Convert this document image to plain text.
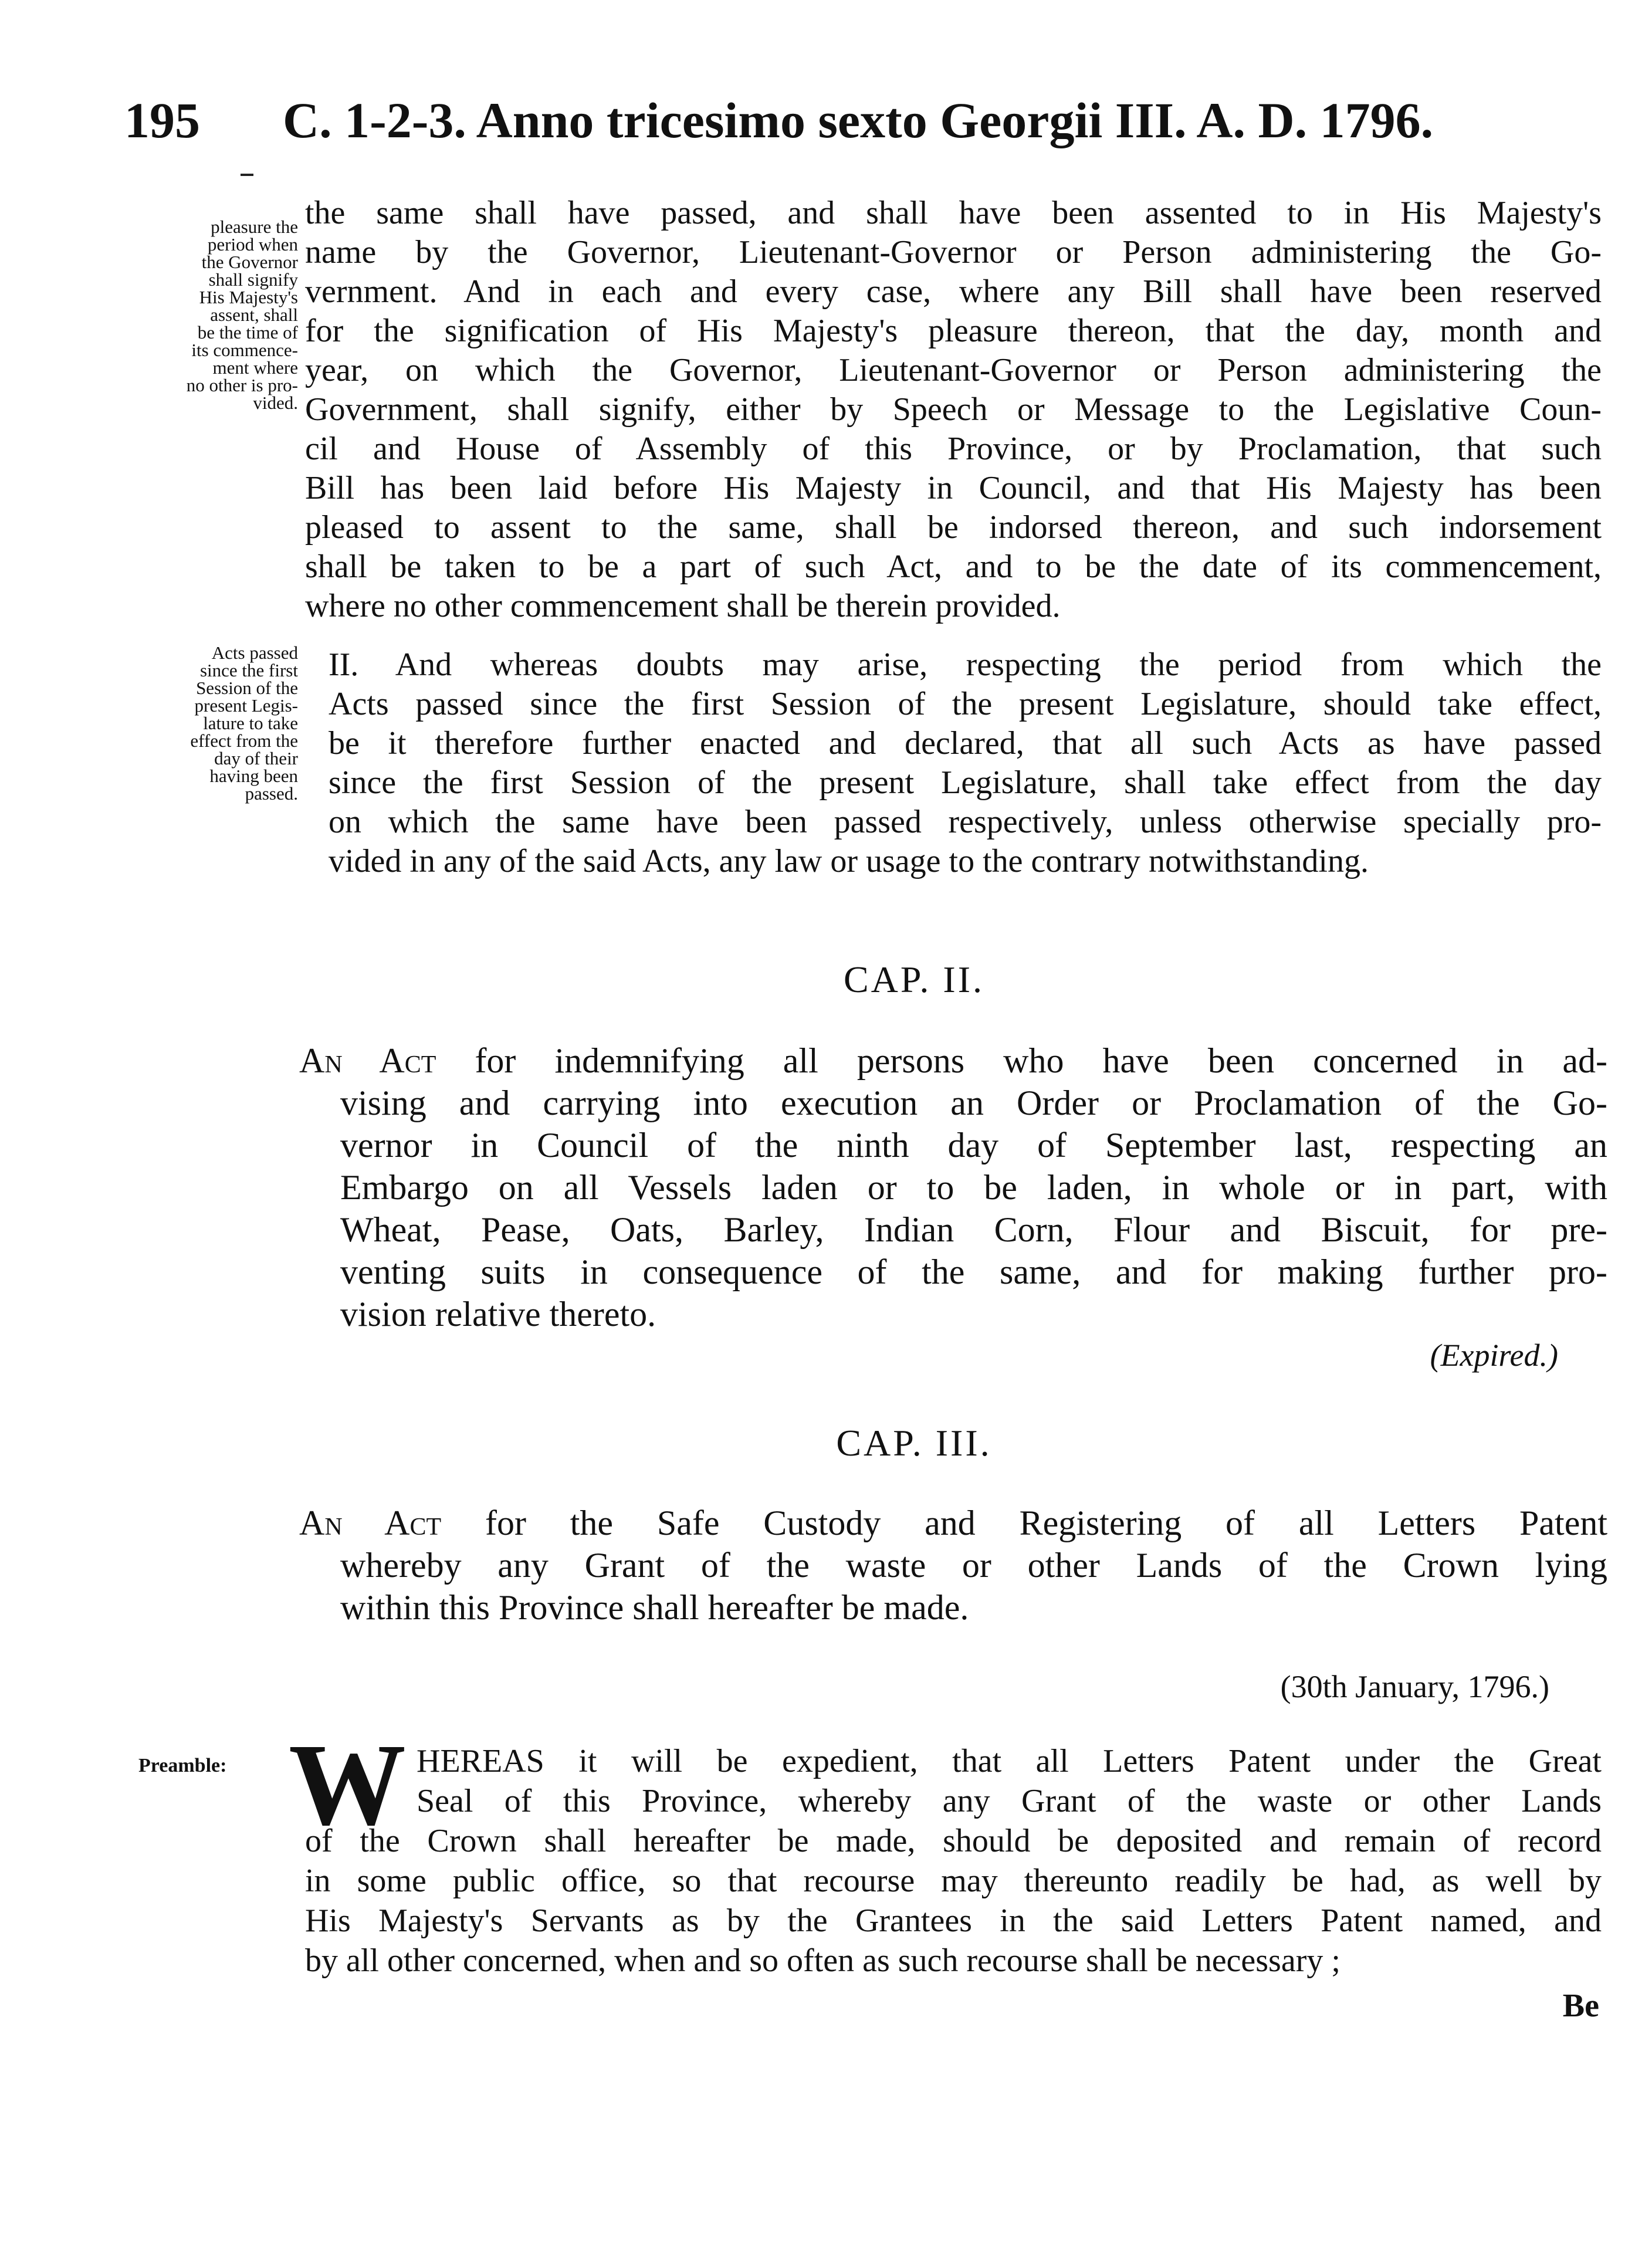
195 C. 1-2-3. Anno tricesimo sexto Georgii III. A. D. 1796.
pleasure the
period when
the Governor
shall signify
His Majesty's
assent, shall
be the time of
its commence-
ment where
no other is pro-
vided.
the same shall have passed, and shall have been assented to in His Majesty's
name by the Governor, Lieutenant-Governor or Person administering the Go-
vernment. And in each and every case, where any Bill shall have been reserved
for the signification of His Majesty's pleasure thereon, that the day, month and
year, on which the Governor, Lieutenant-Governor or Person administering the
Government, shall signify, either by Speech or Message to the Legislative Coun-
cil and House of Assembly of this Province, or by Proclamation, that such
Bill has been laid before His Majesty in Council, and that His Majesty has been
pleased to assent to the same, shall be indorsed thereon, and such indorsement
shall be taken to be a part of such Act, and to be the date of its commencement,
where no other commencement shall be therein provided.
Acts passed
since the first
Session of the
present Legis-
lature to take
effect from the
day of their
having been
passed.
II. And whereas doubts may arise, respecting the period from which the
Acts passed since the first Session of the present Legislature, should take effect,
be it therefore further enacted and declared, that all such Acts as have passed
since the first Session of the present Legislature, shall take effect from the day
on which the same have been passed respectively, unless otherwise specially pro-
vided in any of the said Acts, any law or usage to the contrary notwithstanding.
CAP. II.
An Act for indemnifying all persons who have been concerned in ad-
vising and carrying into execution an Order or Proclamation of the Go-
vernor in Council of the ninth day of September last, respecting an
Embargo on all Vessels laden or to be laden, in whole or in part, with
Wheat, Pease, Oats, Barley, Indian Corn, Flour and Biscuit, for pre-
venting suits in consequence of the same, and for making further pro-
vision relative thereto.
(Expired.)
CAP. III.
An Act for the Safe Custody and Registering of all Letters Patent
whereby any Grant of the waste or other Lands of the Crown lying
within this Province shall hereafter be made.
(30th January, 1796.)
Preamble: W HEREAS it will be expedient, that all Letters Patent under the Great
Seal of this Province, whereby any Grant of the waste or other Lands
of the Crown shall hereafter be made, should be deposited and remain of record
in some public office, so that recourse may thereunto readily be had, as well by
His Majesty's Servants as by the Grantees in the said Letters Patent named, and
by all other concerned, when and so often as such recourse shall be necessary ;
Be
